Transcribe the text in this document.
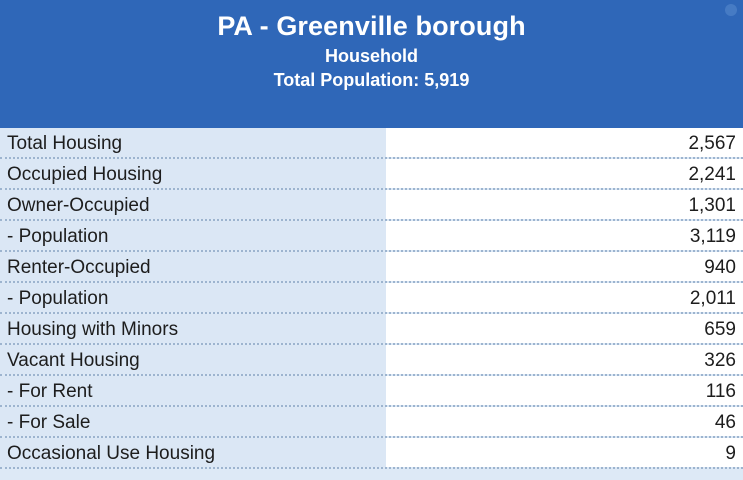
PA - Greenville borough
Household
Total Population: 5,919
Total Housing	2,567
Occupied Housing	2,241
Owner-Occupied	1,301
- Population	3,119
Renter-Occupied	940
- Population	2,011
Housing with Minors	659
Vacant Housing	326
- For Rent	116
- For Sale	46
Occasional Use Housing	9
